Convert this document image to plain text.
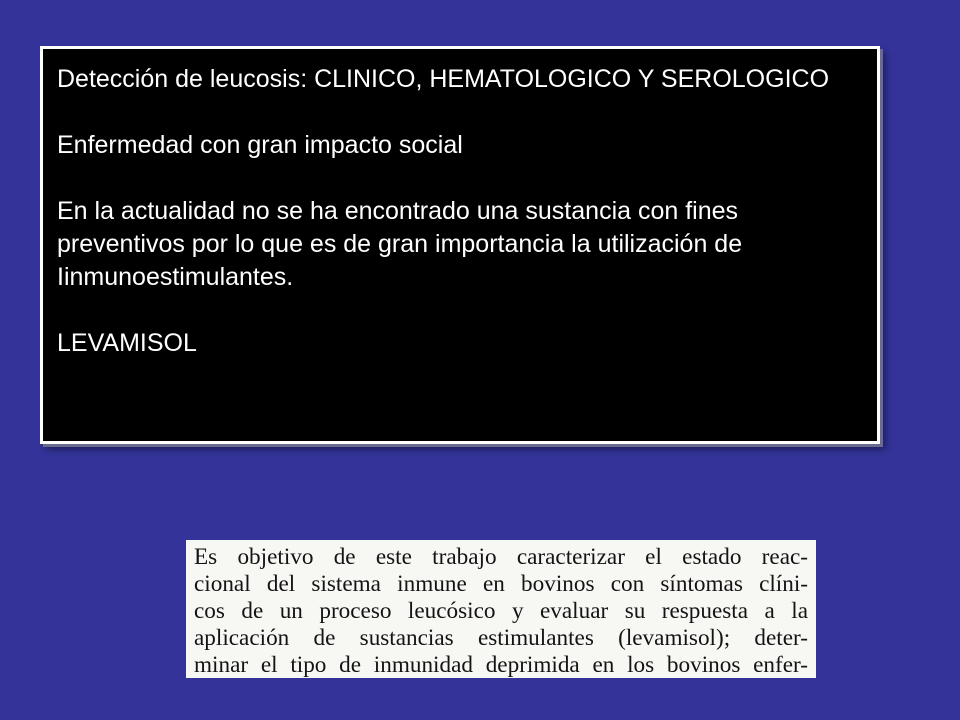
Detección de leucosis: CLINICO, HEMATOLOGICO Y SEROLOGICO

Enfermedad con gran impacto social

En la actualidad no se ha encontrado una sustancia con fines preventivos por lo que es de gran importancia la utilización de Iinmunoestimulantes.

LEVAMISOL

Es objetivo de este trabajo caracterizar el estado reac-
cional del sistema inmune en bovinos con síntomas clíni-
cos de un proceso leucósico y evaluar su respuesta a la
aplicación de sustancias estimulantes (levamisol); deter-
minar el tipo de inmunidad deprimida en los bovinos enfer-
